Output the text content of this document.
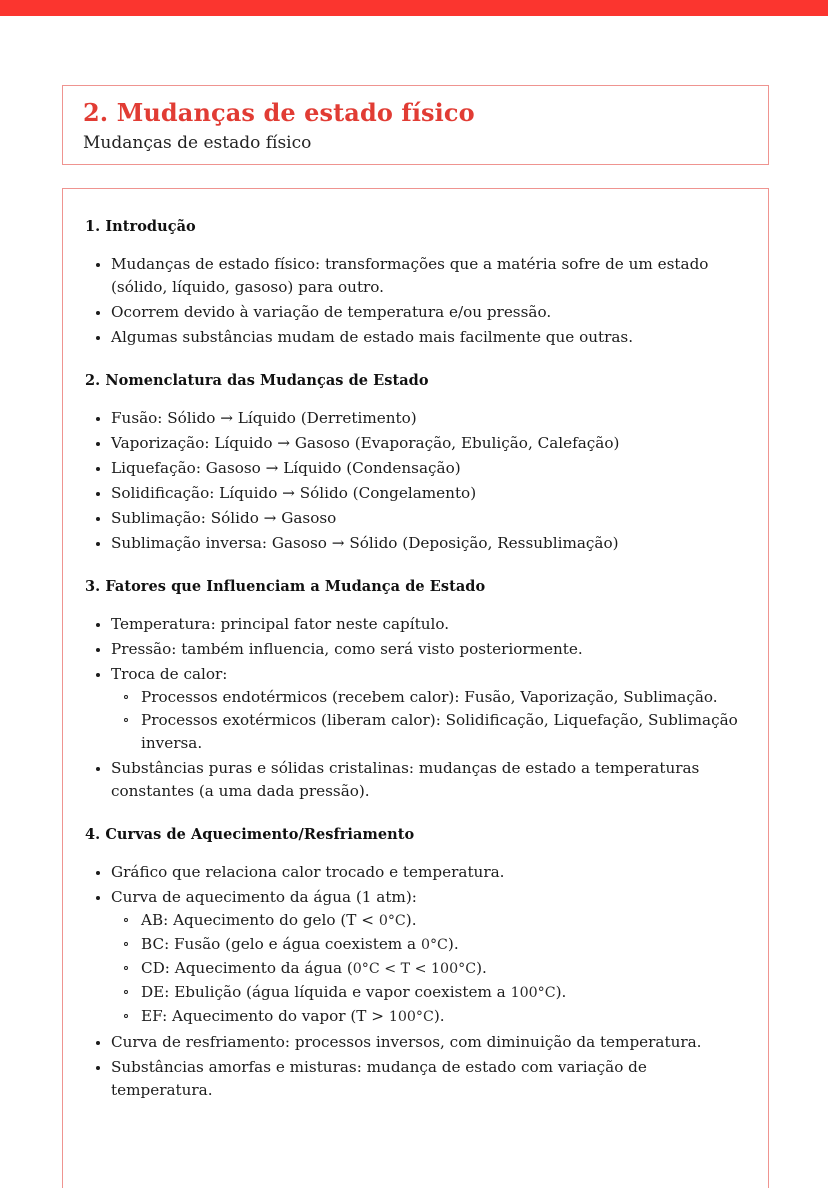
2. Mudanças de estado físico

Mudanças de estado físico

1. Introdução
Mudanças de estado físico: transformações que a matéria sofre de um estado (sólido, líquido, gasoso) para outro.
Ocorrem devido à variação de temperatura e/ou pressão.
Algumas substâncias mudam de estado mais facilmente que outras.
2. Nomenclatura das Mudanças de Estado
Fusão: Sólido → Líquido (Derretimento)
Vaporização: Líquido → Gasoso (Evaporação, Ebulição, Calefação)
Liquefação: Gasoso → Líquido (Condensação)
Solidificação: Líquido → Sólido (Congelamento)
Sublimação: Sólido → Gasoso
Sublimação inversa: Gasoso → Sólido (Deposição, Ressublimação)
3. Fatores que Influenciam a Mudança de Estado
Temperatura: principal fator neste capítulo.
Pressão: também influencia, como será visto posteriormente.
Troca de calor:
Processos endotérmicos (recebem calor): Fusão, Vaporização, Sublimação.
Processos exotérmicos (liberam calor): Solidificação, Liquefação, Sublimação inversa.
Substâncias puras e sólidas cristalinas: mudanças de estado a temperaturas constantes (a uma dada pressão).
4. Curvas de Aquecimento/Resfriamento
Gráfico que relaciona calor trocado e temperatura.
Curva de aquecimento da água (1 atm):
AB: Aquecimento do gelo (T < 0°C).
BC: Fusão (gelo e água coexistem a 0°C).
CD: Aquecimento da água (0°C < T < 100°C).
DE: Ebulição (água líquida e vapor coexistem a 100°C).
EF: Aquecimento do vapor (T > 100°C).
Curva de resfriamento: processos inversos, com diminuição da temperatura.
Substâncias amorfas e misturas: mudança de estado com variação de temperatura.
